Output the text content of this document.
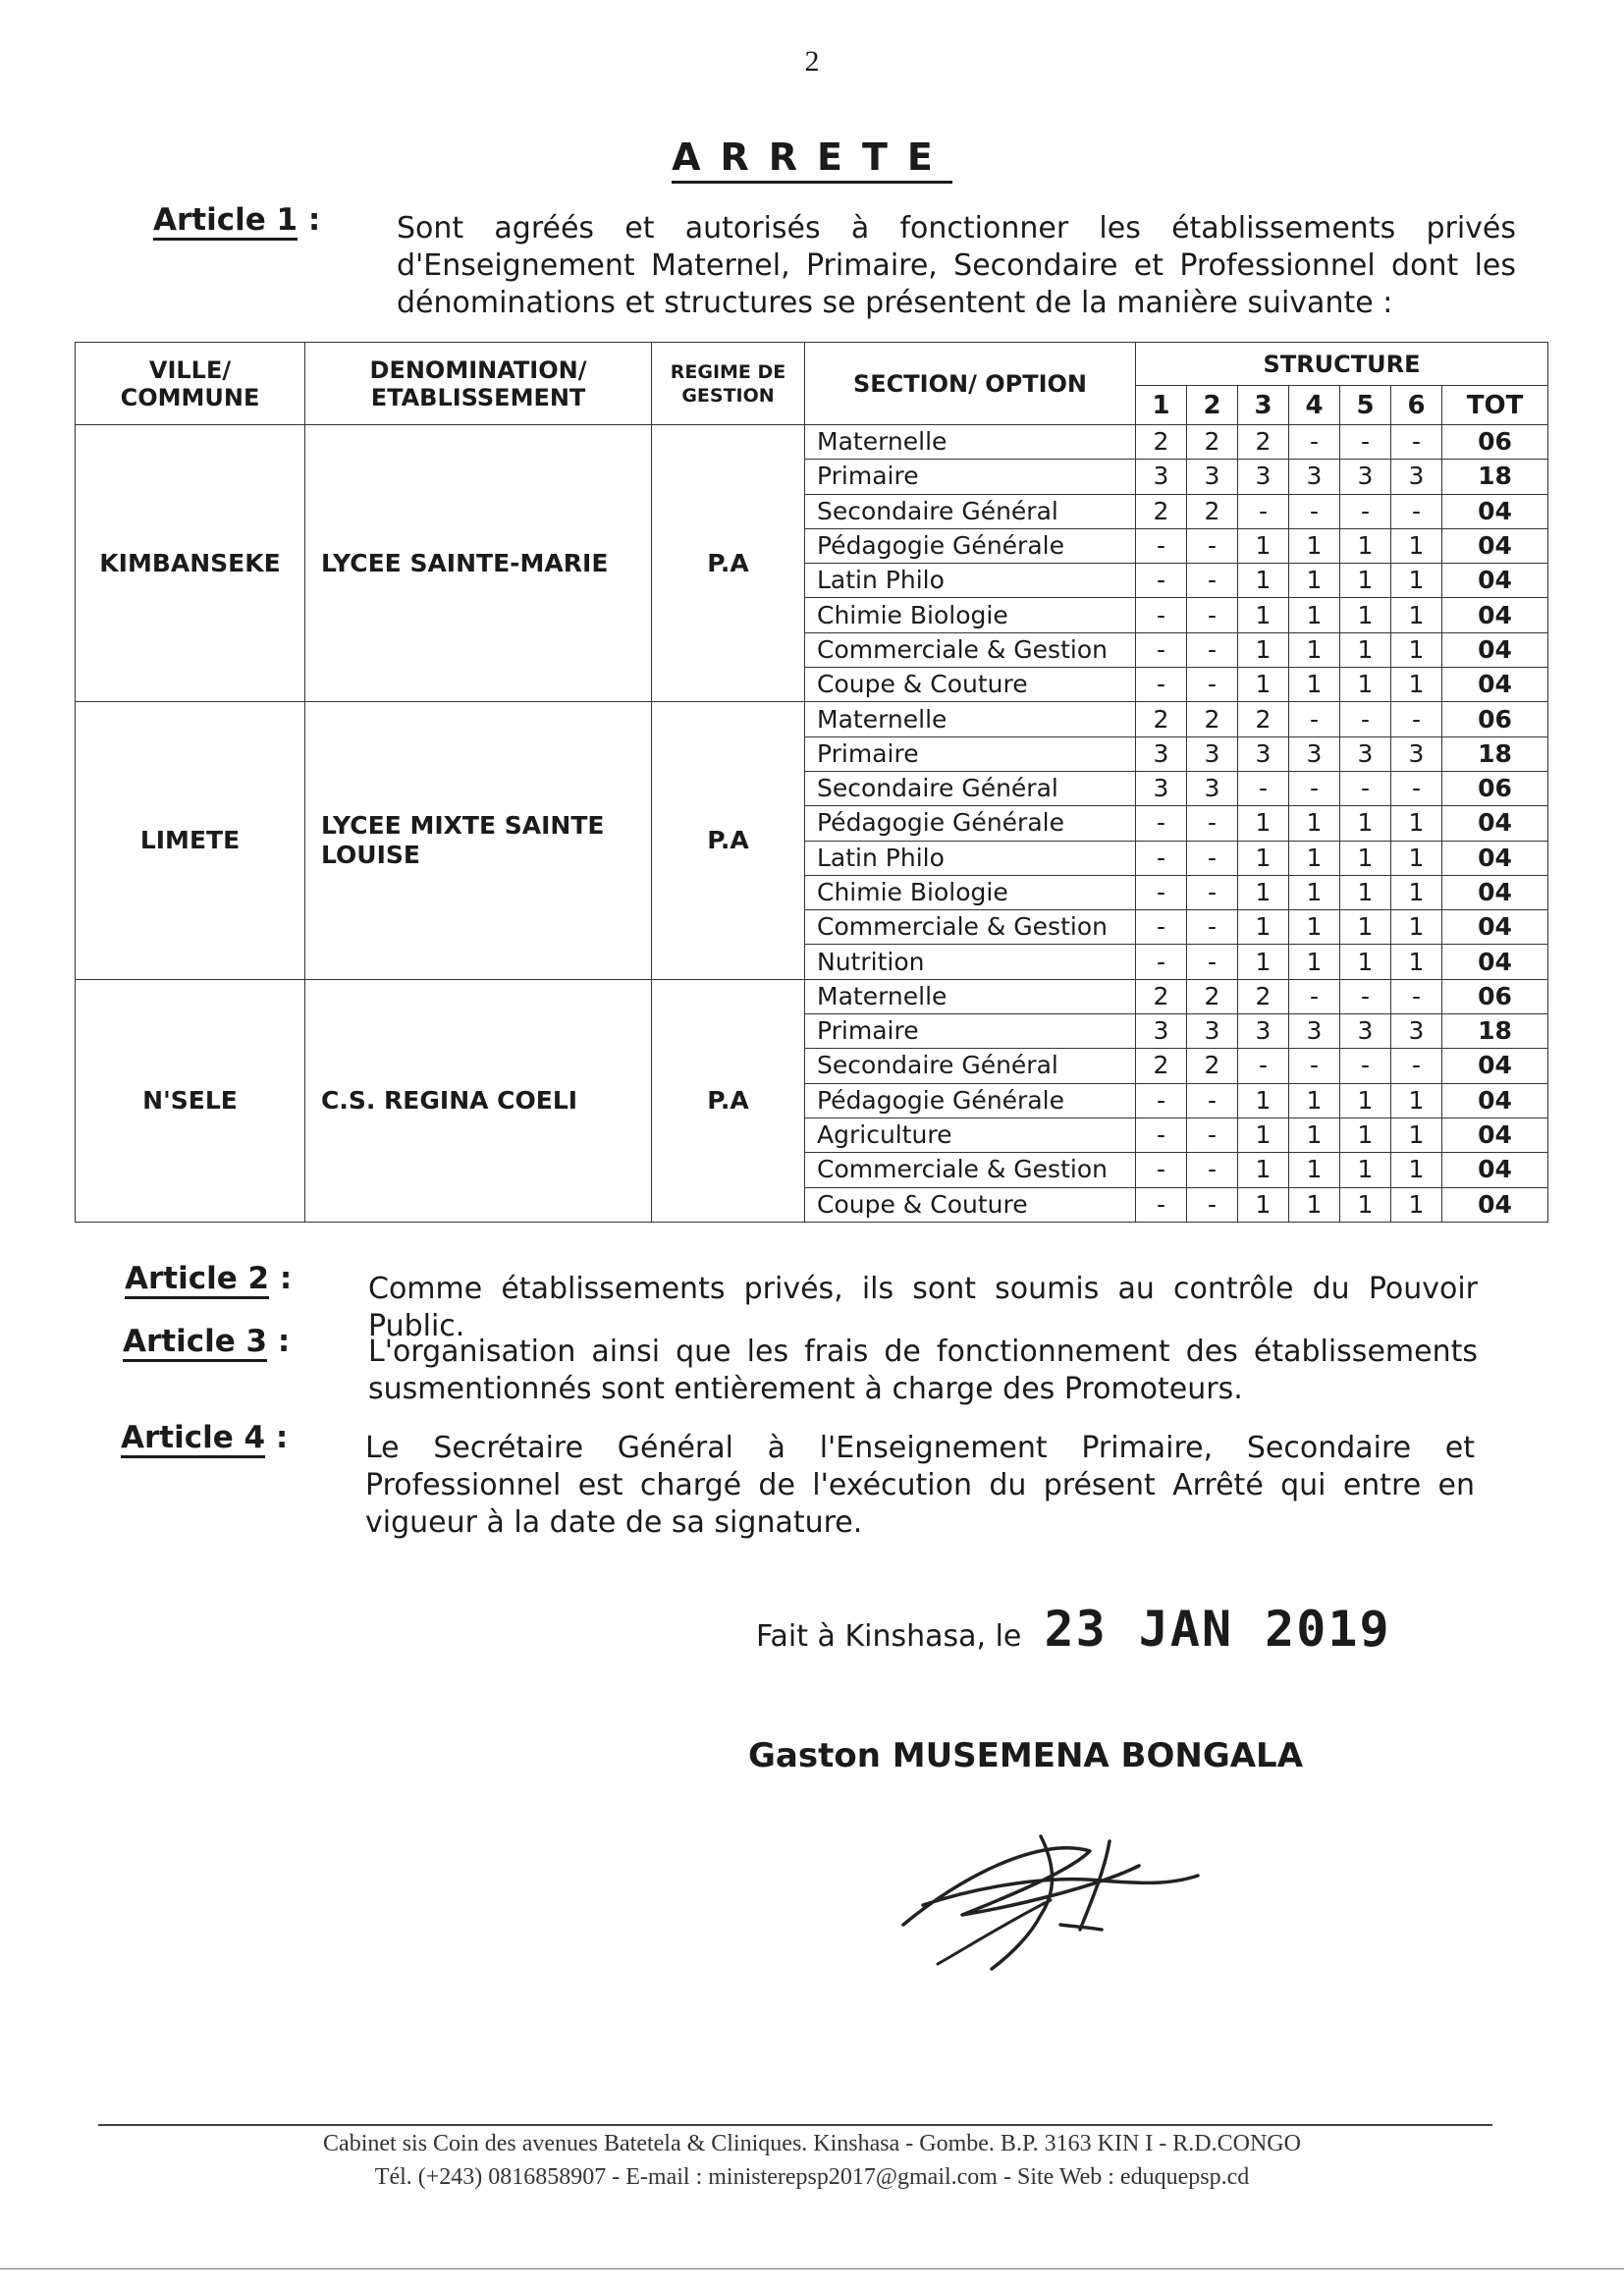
2
ARRETE
Article 1 :	Sont agréés et autorisés à fonctionner les établissements privés d'Enseignement Maternel, Primaire, Secondaire et Professionnel dont les dénominations et structures se présentent de la manière suivante :
VILLE/ COMMUNE	DENOMINATION/ ETABLISSEMENT	REGIME DE GESTION	SECTION/ OPTION	STRUCTURE						
				1	2	3	4	5	6	TOT
KIMBANSEKE	LYCEE SAINTE-MARIE	P.A	Maternelle	2	2	2	-	-	-	06
			Primaire	3	3	3	3	3	3	18
			Secondaire Général	2	2	-	-	-	-	04
			Pédagogie Générale	-	-	1	1	1	1	04
			Latin Philo	-	-	1	1	1	1	04
			Chimie Biologie	-	-	1	1	1	1	04
			Commerciale & Gestion	-	-	1	1	1	1	04
			Coupe & Couture	-	-	1	1	1	1	04
LIMETE	LYCEE MIXTE SAINTE LOUISE	P.A	Maternelle	2	2	2	-	-	-	06
			Primaire	3	3	3	3	3	3	18
			Secondaire Général	3	3	-	-	-	-	06
			Pédagogie Générale	-	-	1	1	1	1	04
			Latin Philo	-	-	1	1	1	1	04
			Chimie Biologie	-	-	1	1	1	1	04
			Commerciale & Gestion	-	-	1	1	1	1	04
			Nutrition	-	-	1	1	1	1	04
N'SELE	C.S. REGINA COELI	P.A	Maternelle	2	2	2	-	-	-	06
			Primaire	3	3	3	3	3	3	18
			Secondaire Général	2	2	-	-	-	-	04
			Pédagogie Générale	-	-	1	1	1	1	04
			Agriculture	-	-	1	1	1	1	04
			Commerciale & Gestion	-	-	1	1	1	1	04
			Coupe & Couture	-	-	1	1	1	1	04
Article 2 :	Comme établissements privés, ils sont soumis au contrôle du Pouvoir Public.
Article 3 :	L'organisation ainsi que les frais de fonctionnement des établissements susmentionnés sont entièrement à charge des Promoteurs.
Article 4 :	Le Secrétaire Général à l'Enseignement Primaire, Secondaire et Professionnel est chargé de l'exécution du présent Arrêté qui entre en vigueur à la date de sa signature.
Fait à Kinshasa, le 23 JAN 2019
Gaston MUSEMENA BONGALA
Cabinet sis Coin des avenues Batetela & Cliniques. Kinshasa - Gombe. B.P. 3163 KIN I - R.D.CONGO
Tél. (+243) 0816858907 - E-mail : ministerepsp2017@gmail.com - Site Web : eduquepsp.cd
